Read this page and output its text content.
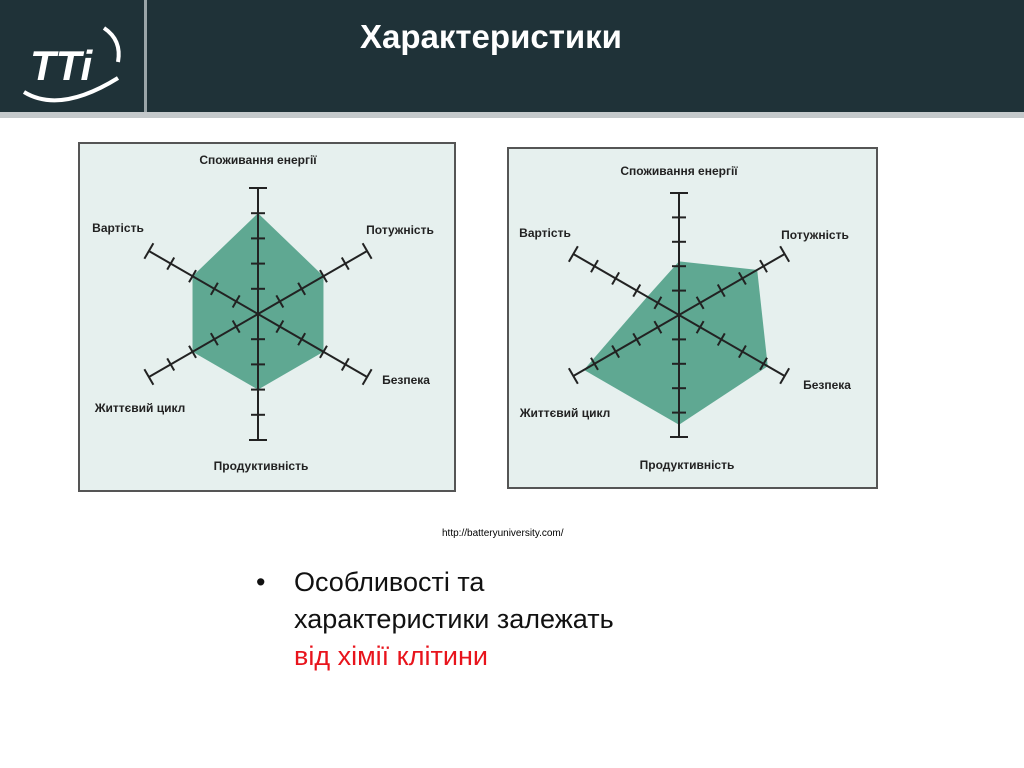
TTi
Характеристики
Споживання енергії
Потужність
Безпека
Продуктивність
Життєвий цикл
Вартість
Споживання енергії
Потужність
Безпека
Продуктивність
Життєвий цикл
Вартість
http://batteryuniversity.com/
• Особливості та
характеристики залежать
від хімії клітини
